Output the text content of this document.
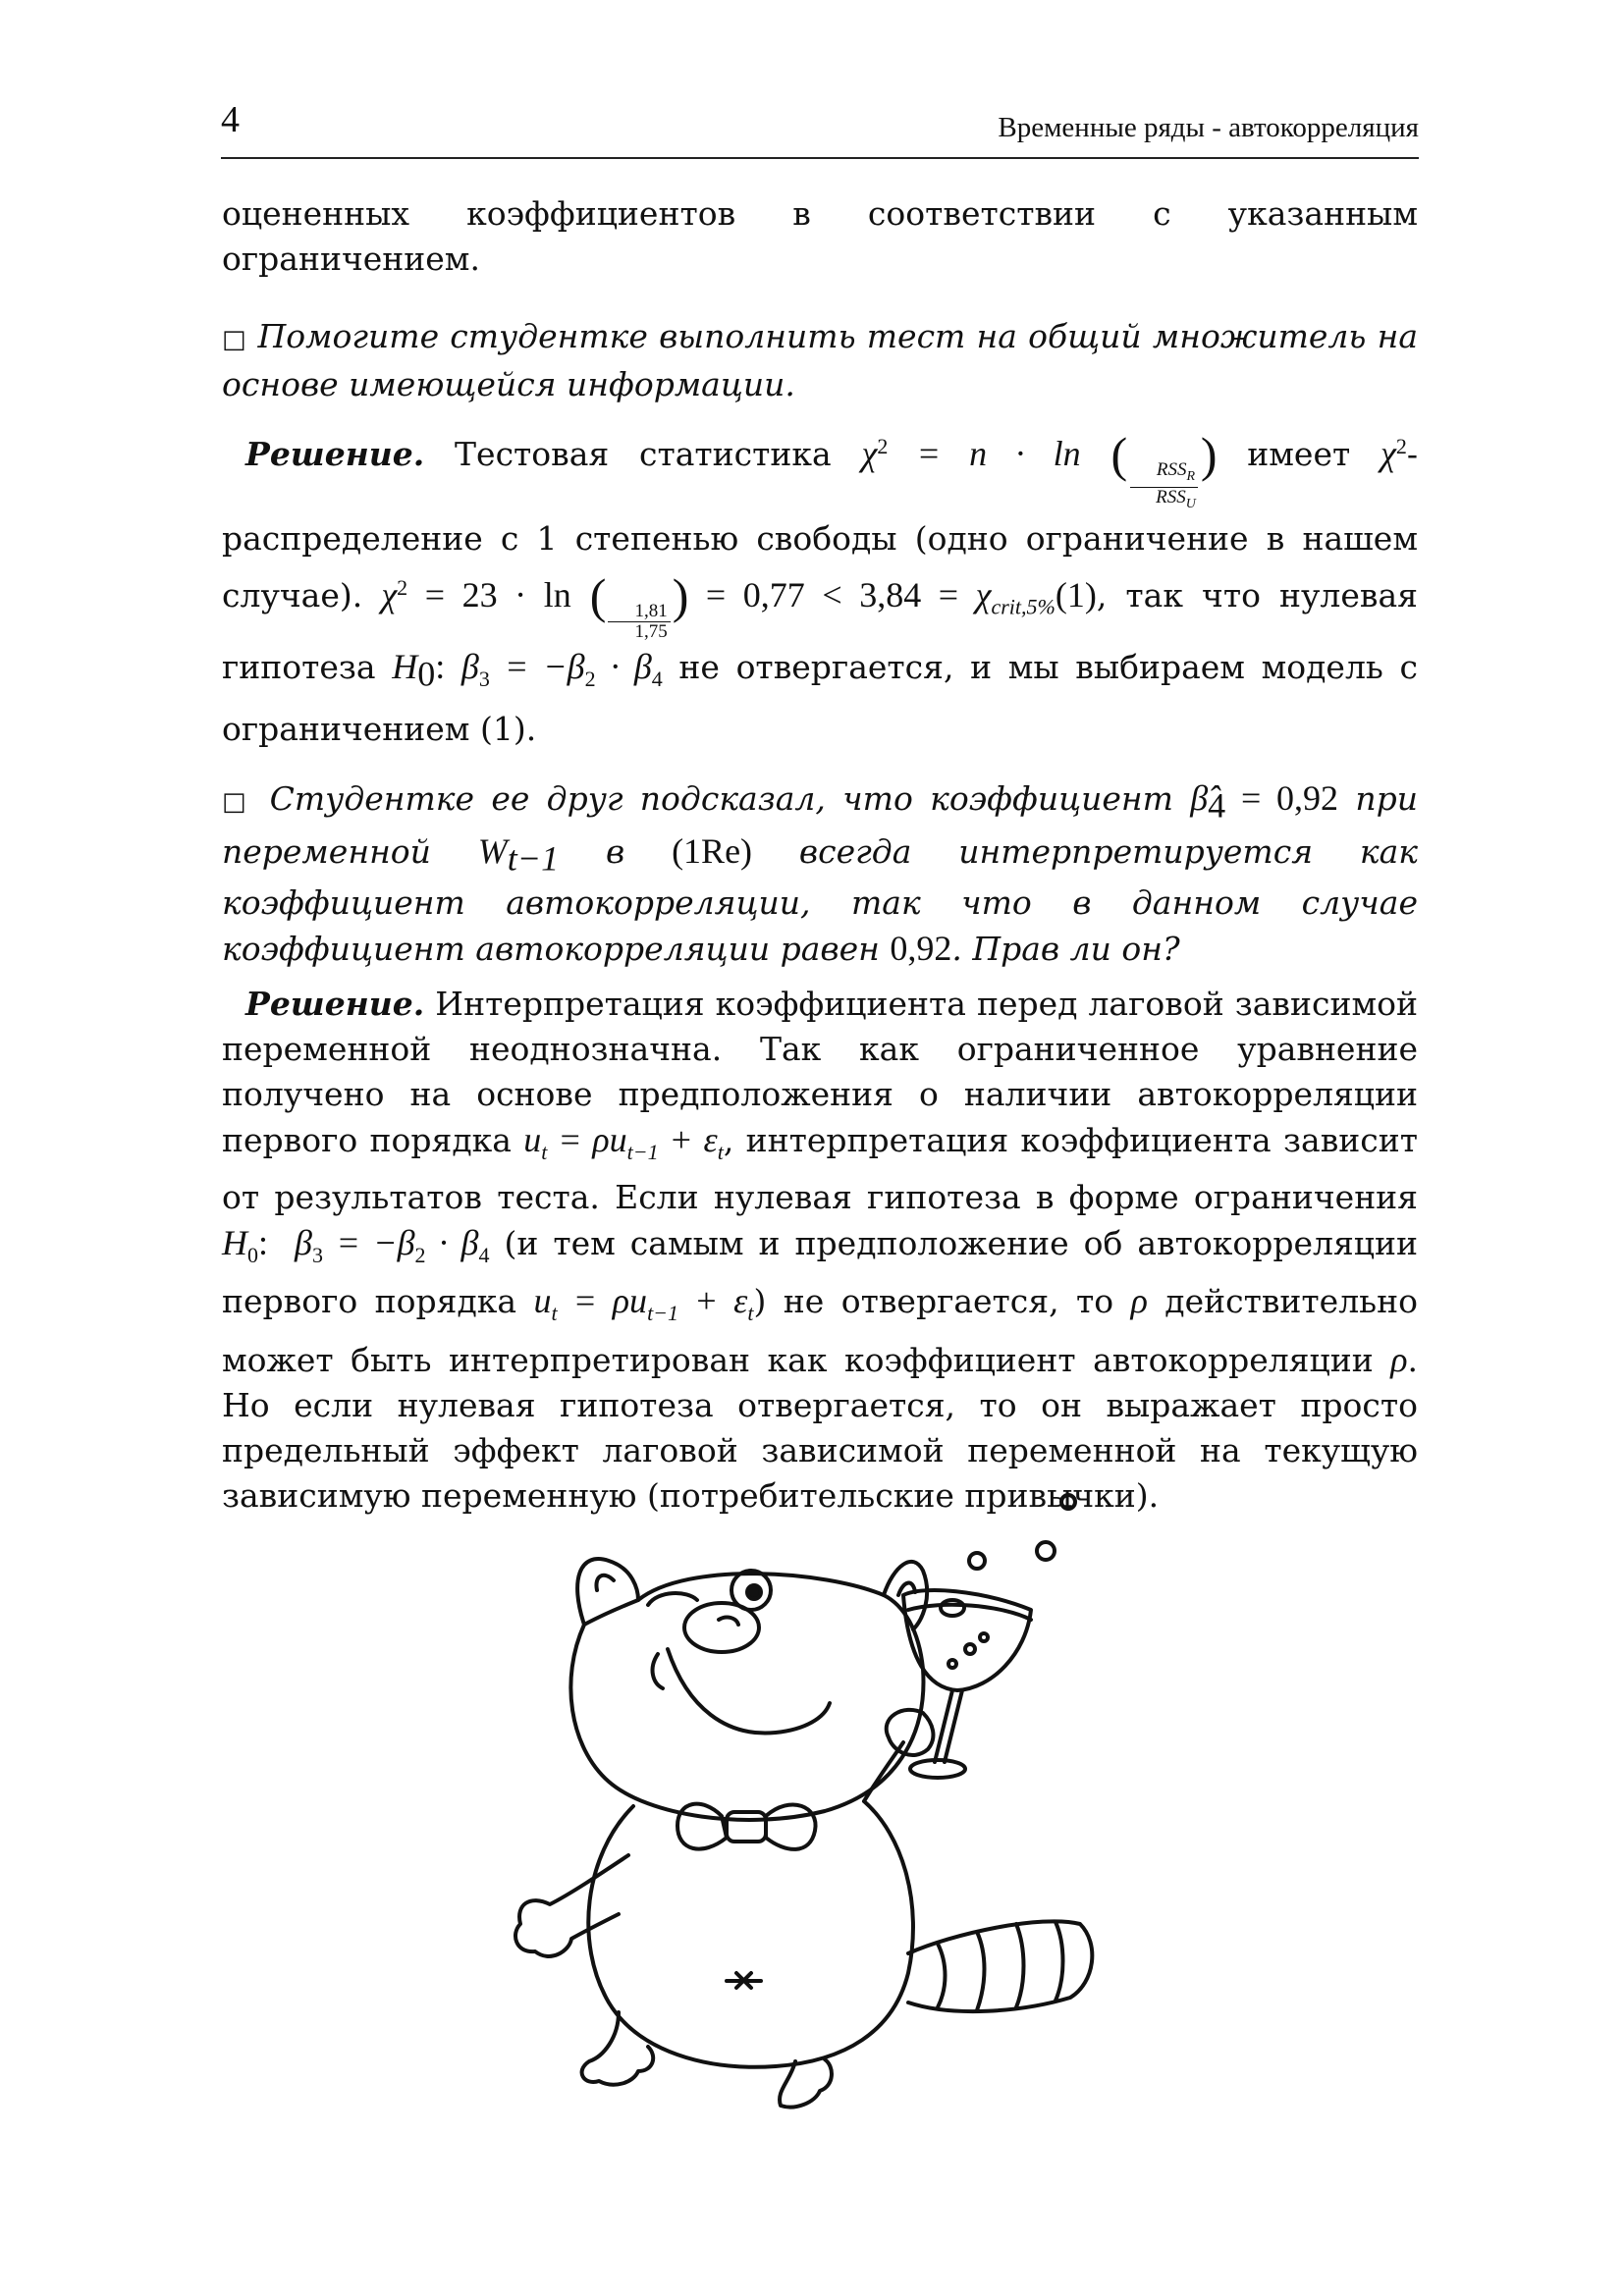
4	Временные ряды - автокорреляция
оцененных коэффициентов в соответствии с указанным ограничением.
□ Помогите студентке выполнить тест на общий множитель на основе имеющейся информации.
Решение. Тестовая статистика $\chi^2 = n \cdot \ln$ (
$\frac{RSS_R}{RSS_U}$
) имеет $\chi^2$-распределение с 1 степенью свободы (одно ограничение в нашем случае). $\chi^2 = 23 \cdot \ln$ ( $\frac{1,81}{1,75}$ ) = $0,77 < 3,84 = \chi_{crit,5\%}(1)$, так что нулевая гипотеза $H_0$: $\beta_3 = -\beta_2 \cdot \beta_4$ не отвергается, и мы выбираем модель с ограничением (1).
□ Студентке ее друг подсказал, что коэффициент $\betâ_4 = 0,92$ при переменной $W_{t-1}$ в (1Re) всегда интерпретируется как коэффициент автокорреляции, так что в данном случае коэффициент автокорреляции равен 0,92. Прав ли он?
Решение. Интерпретация коэффициента перед лаговой зависимой переменной неоднозначна. Так как ограниченное уравнение получено на основе предположения о наличии автокорреляции первого порядка $u_t = \rho u_{t-1} + \varepsilon_t$, интерпретация коэффициента зависит от результатов теста. Если нулевая гипотеза в форме ограничения $H_0$:  $\beta_3 = -\beta_2 \cdot \beta_4$ (и тем самым и предположение об автокорреляции первого порядка $u_t = \rho u_{t-1} + \varepsilon_t$) не отвергается, то ρ действительно может быть интерпретирован как коэффициент автокорреляции ρ. Но если нулевая гипотеза отвергается, то он выражает просто предельный эффект лаговой зависимой переменной на текущую зависимую переменную (потребительские привычки).
